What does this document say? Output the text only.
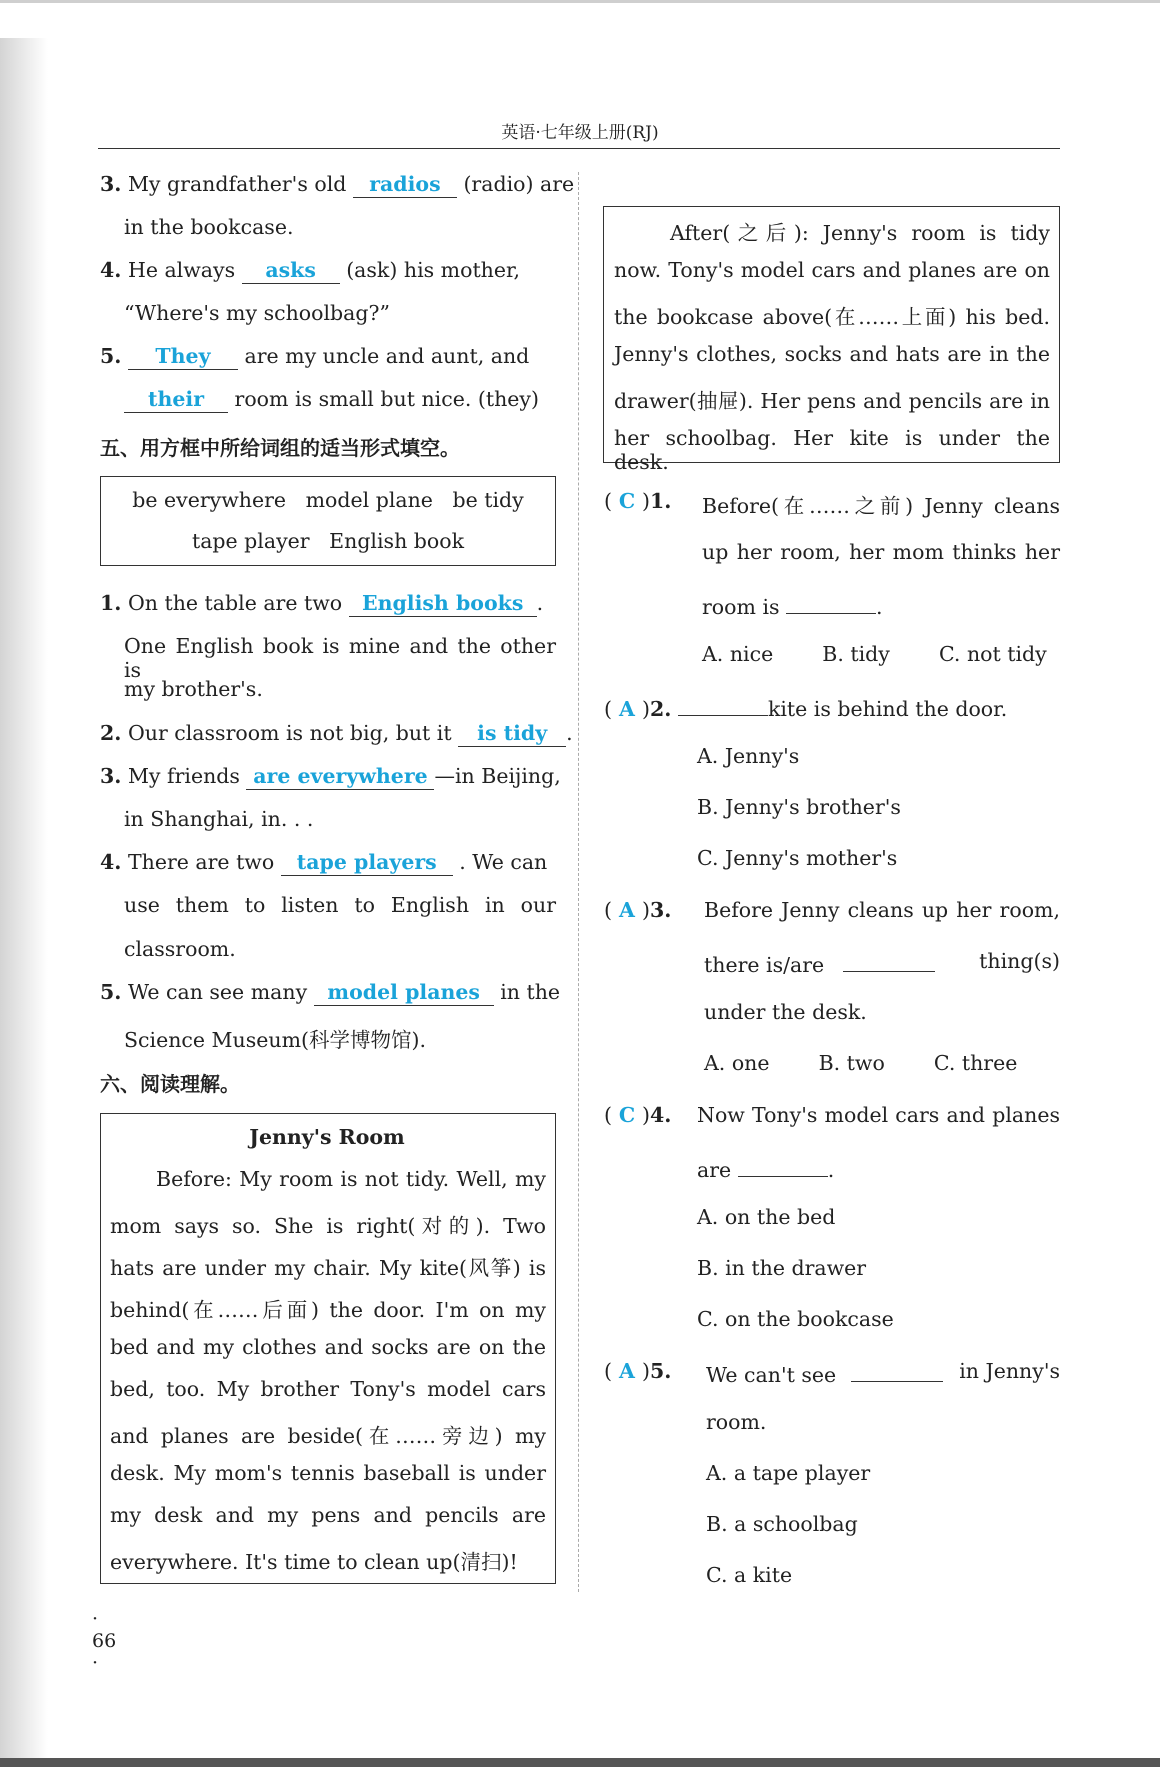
英语·七年级上册(RJ)
3. My grandfather's old radios (radio) are
in the bookcase.
4. He always asks (ask) his mother,
“Where's my schoolbag?”
5. They are my uncle and aunt, and
their room is small but nice. (they)
五、用方框中所给词组的适当形式填空。
be everywhere   model plane   be tidy
tape player   English book
1. On the table are two English books .
One English book is mine and the other is
my brother's.
2. Our classroom is not big, but it is tidy .
3. My friends are everywhere —in Beijing,
in Shanghai, in. . .
4. There are two tape players . We can
use them to listen to English in our
classroom.
5. We can see many model planes in the
Science Museum(科学博物馆).
六、阅读理解。
Jenny's Room
Before: My room is not tidy. Well, my
mom says so. She is right(对的). Two
hats are under my chair. My kite(风筝) is
behind(在……后面) the door. I'm on my
bed and my clothes and socks are on the
bed, too. My brother Tony's model cars
and planes are beside(在……旁边) my
desk. My mom's tennis baseball is under
my desk and my pens and pencils are
everywhere. It's time to clean up(清扫)!
· 66 ·
After(之后): Jenny's room is tidy
now. Tony's model cars and planes are on
the bookcase above(在……上面) his bed.
Jenny's clothes, socks and hats are in the
drawer(抽屉). Her pens and pencils are in
her schoolbag. Her kite is under the desk.
( C )1. Before(在……之前) Jenny cleans
up her room, her mom thinks her
room is	.
A. nice B. tidy C. not tidy
( A )2.	kite is behind the door.
A. Jenny's
B. Jenny's brother's
C. Jenny's mother's
( A )3. Before Jenny cleans up her room,
there is/are	thing(s)
under the desk.
A. one B. two C. three
( C )4. Now Tony's model cars and planes
are	.
A. on the bed
B. in the drawer
C. on the bookcase
( A )5. We can't see	in Jenny's
room.
A. a tape player
B. a schoolbag
C. a kite
